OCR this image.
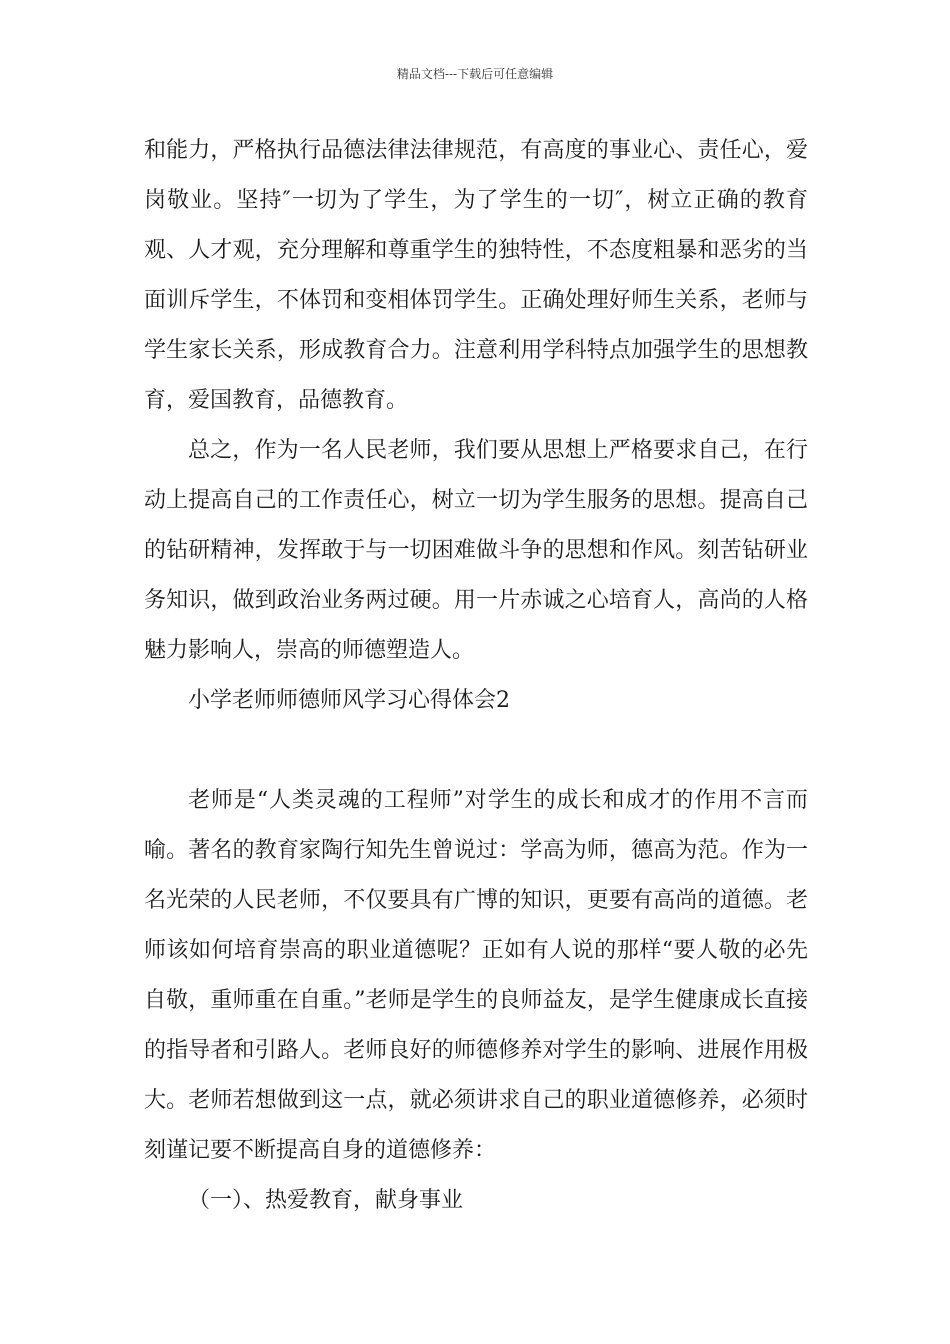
精品文档---下载后可任意编辑

和能力，严格执行品德法律法律规范，有高度的事业心、责任心，爱岗敬业。坚持″一切为了学生，为了学生的一切″，树立正确的教育观、人才观，充分理解和尊重学生的独特性，不态度粗暴和恶劣的当面训斥学生，不体罚和变相体罚学生。正确处理好师生关系，老师与学生家长关系，形成教育合力。注意利用学科特点加强学生的思想教育，爱国教育，品德教育。

总之，作为一名人民老师，我们要从思想上严格要求自己，在行动上提高自己的工作责任心，树立一切为学生服务的思想。提高自己的钻研精神，发挥敢于与一切困难做斗争的思想和作风。刻苦钻研业务知识，做到政治业务两过硬。用一片赤诚之心培育人，高尚的人格魅力影响人，崇高的师德塑造人。

小学老师师德师风学习心得体会2

老师是“人类灵魂的工程师”对学生的成长和成才的作用不言而喻。著名的教育家陶行知先生曾说过：学高为师，德高为范。作为一名光荣的人民老师，不仅要具有广博的知识，更要有高尚的道德。老师该如何培育崇高的职业道德呢？正如有人说的那样“要人敬的必先自敬，重师重在自重。”老师是学生的良师益友，是学生健康成长直接的指导者和引路人。老师良好的师德修养对学生的影响、进展作用极大。老师若想做到这一点，就必须讲求自己的职业道德修养，必须时刻谨记要不断提高自身的道德修养：

（一）、热爱教育，献身事业
